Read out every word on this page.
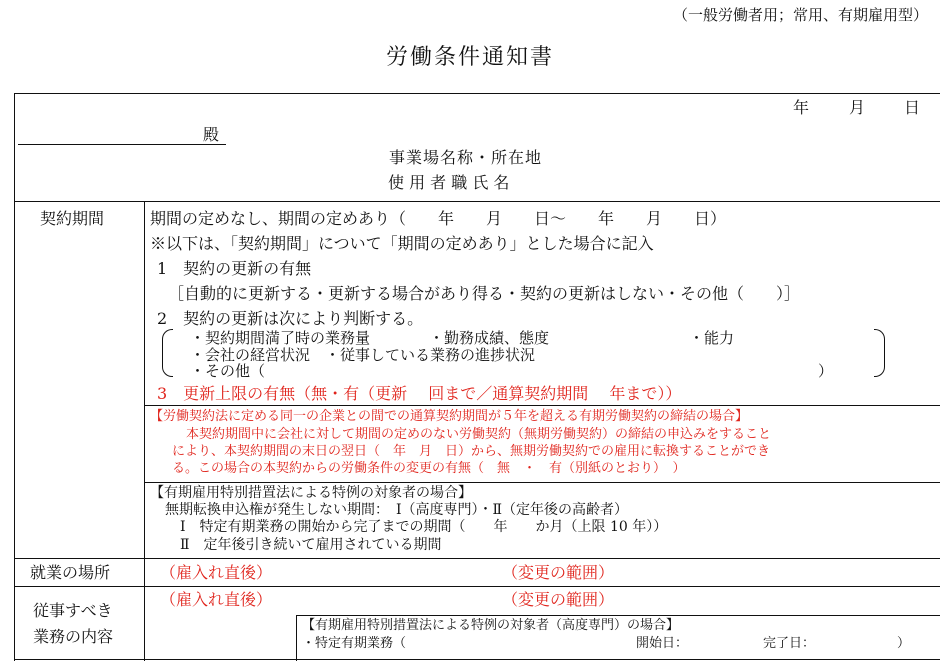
（一般労働者用；常用、有期雇用型）
労働条件通知書
年 月 日
殿
事業場名称・所在地
使 用 者 職 氏 名
契約期間	期間の定めなし、期間の定めあり（　　年　　月　　日～　　年　　月　　日）
※以下は、「契約期間」について「期間の定めあり」とした場合に記入
1　契約の更新の有無
［自動的に更新する・更新する場合があり得る・契約の更新はしない・その他（　　）］
2　契約の更新は次により判断する。
・契約期間満了時の業務量	・勤務成績、態度	・能力
・会社の経営状況　・従事している業務の進捗状況
・その他（	）
3　更新上限の有無（無・有（更新　 回まで／通算契約期間　 年まで））
【労働契約法に定める同一の企業との間での通算契約期間が５年を超える有期労働契約の締結の場合】
本契約期間中に会社に対して期間の定めのない労働契約（無期労働契約）の締結の申込みをすること
により、本契約期間の末日の翌日（　年　月　日）から、無期労働契約での雇用に転換することができ
る。この場合の本契約からの労働条件の変更の有無（　無　・　有（別紙のとおり）　）
【有期雇用特別措置法による特例の対象者の場合】
無期転換申込権が発生しない期間：　Ⅰ（高度専門）・Ⅱ（定年後の高齢者）
Ⅰ　特定有期業務の開始から完了までの期間（　　年　　か月（上限 10 年））
Ⅱ　定年後引き続いて雇用されている期間
就業の場所	（雇入れ直後）	（変更の範囲）
従事すべき
業務の内容
（雇入れ直後）	（変更の範囲）
【有期雇用特別措置法による特例の対象者（高度専門）の場合】
・特定有期業務（	開始日：	完了日：	）
